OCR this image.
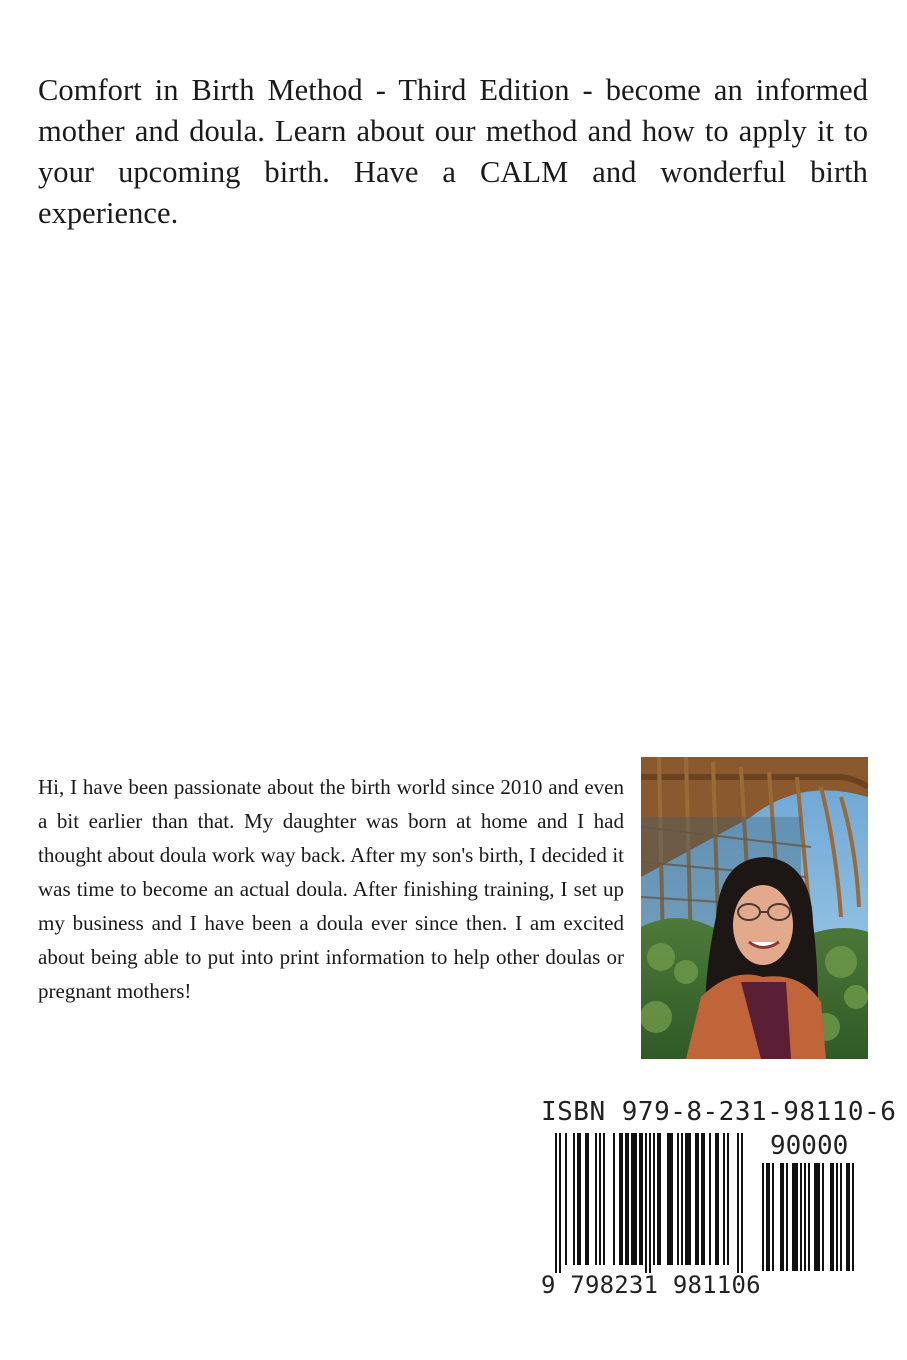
Comfort in Birth Method - Third Edition - become an informed mother and doula. Learn about our method and how to apply it to your upcoming birth. Have a CALM and wonderful birth experience.

Hi, I have been passionate about the birth world since 2010 and even a bit earlier than that. My daughter was born at home and I had thought about doula work way back. After my son's birth, I decided it was time to become an actual doula. After finishing training, I set up my business and I have been a doula ever since then. I am excited about being able to put into print information to help other doulas or pregnant mothers!

ISBN 979-8-231-98110-6
90000
9 798231 981106
